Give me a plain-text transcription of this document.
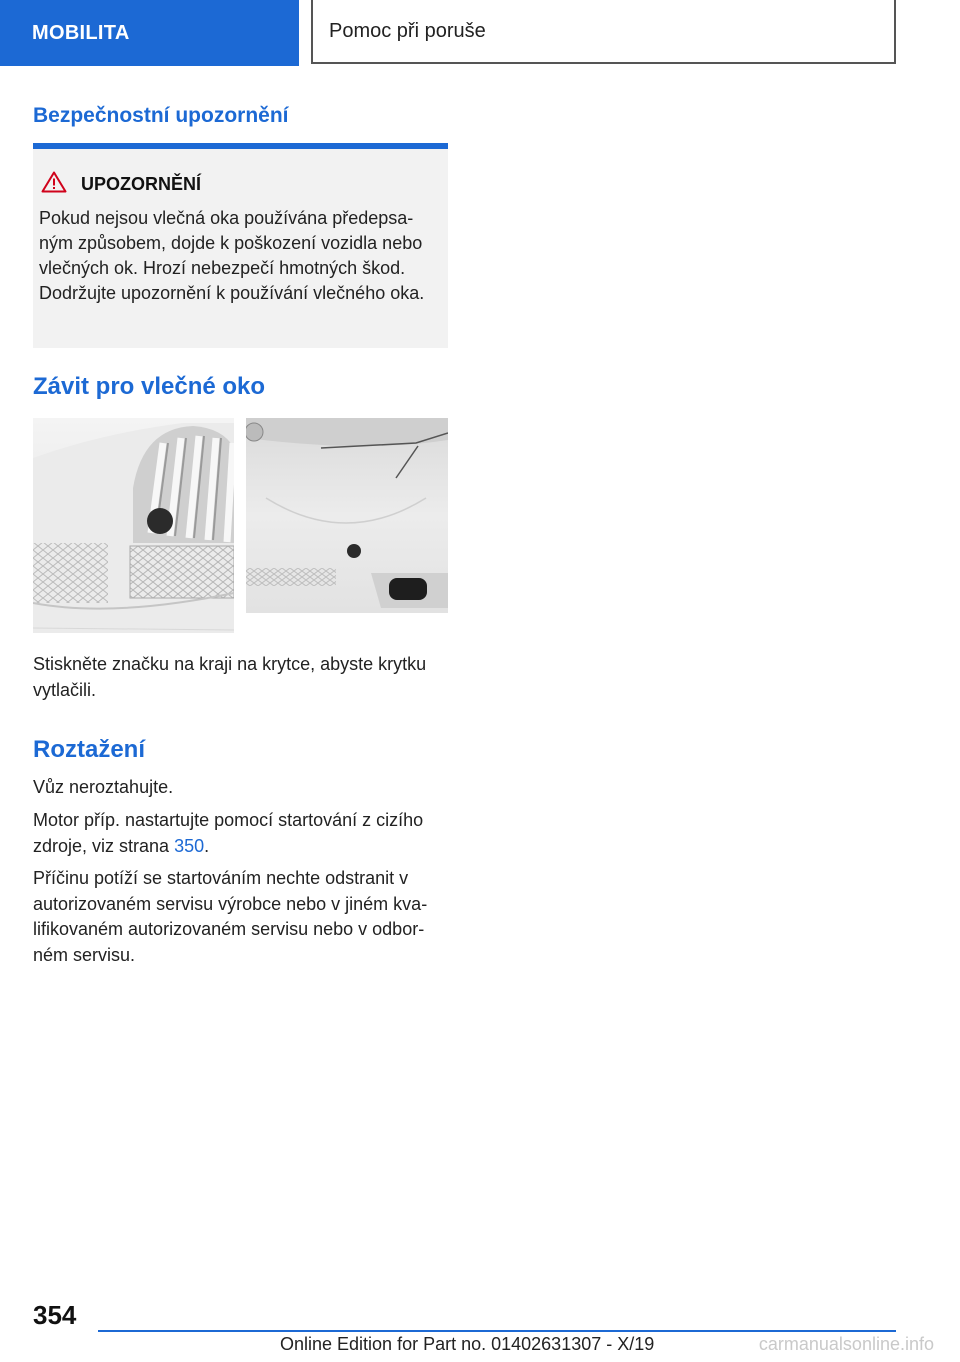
MOBILITA	Pomoc při poruše
Bezpečnostní upozornění
UPOZORNĚNÍ
Pokud nejsou vlečná oka používána předepsaným způsobem, dojde k poškození vozidla nebo vlečných ok. Hrozí nebezpečí hmotných škod. Dodržujte upozornění k používání vlečného oka.
Závit pro vlečné oko

Stiskněte značku na kraji na krytce, abyste krytku vytlačili.

Roztažení

Vůz neroztahujte.

Motor příp. nastartujte pomocí startování z cizího zdroje, viz strana 350.

Příčinu potíží se startováním nechte odstranit v autorizovaném servisu výrobce nebo v jiném kvalifikovaném autorizovaném servisu nebo v odborném servisu.

354
Online Edition for Part no. 01402631307 - X/19	carmanualsonline.info
